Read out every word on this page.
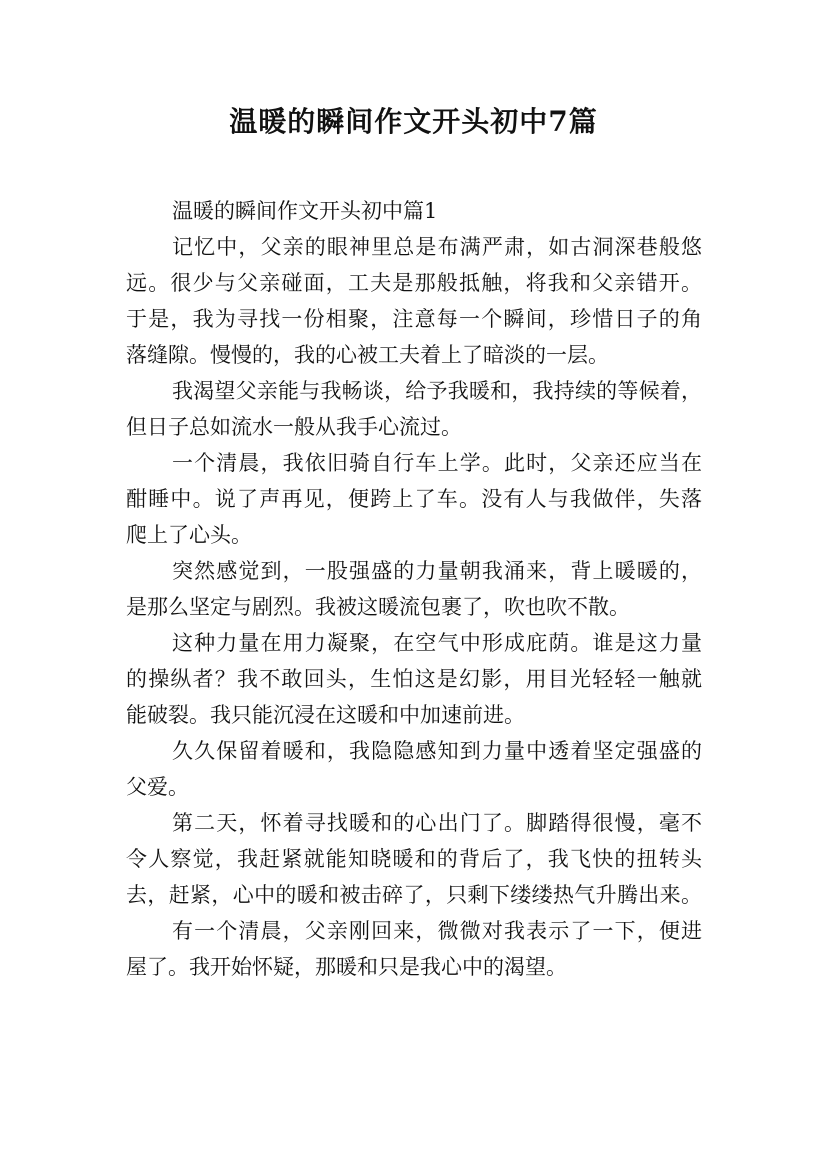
温暖的瞬间作文开头初中7篇
温暖的瞬间作文开头初中篇1
记忆中，父亲的眼神里总是布满严肃，如古洞深巷般悠
远。很少与父亲碰面，工夫是那般抵触，将我和父亲错开。
于是，我为寻找一份相聚，注意每一个瞬间，珍惜日子的角
落缝隙。慢慢的，我的心被工夫着上了暗淡的一层。
我渴望父亲能与我畅谈，给予我暖和，我持续的等候着，
但日子总如流水一般从我手心流过。
一个清晨，我依旧骑自行车上学。此时，父亲还应当在
酣睡中。说了声再见，便跨上了车。没有人与我做伴，失落
爬上了心头。
突然感觉到，一股强盛的力量朝我涌来，背上暖暖的，
是那么坚定与剧烈。我被这暖流包裹了，吹也吹不散。
这种力量在用力凝聚，在空气中形成庇荫。谁是这力量
的操纵者？我不敢回头，生怕这是幻影，用目光轻轻一触就
能破裂。我只能沉浸在这暖和中加速前进。
久久保留着暖和，我隐隐感知到力量中透着坚定强盛的
父爱。
第二天，怀着寻找暖和的心出门了。脚踏得很慢，毫不
令人察觉，我赶紧就能知晓暖和的背后了，我飞快的扭转头
去，赶紧，心中的暖和被击碎了，只剩下缕缕热气升腾出来。
有一个清晨，父亲刚回来，微微对我表示了一下，便进
屋了。我开始怀疑，那暖和只是我心中的渴望。
